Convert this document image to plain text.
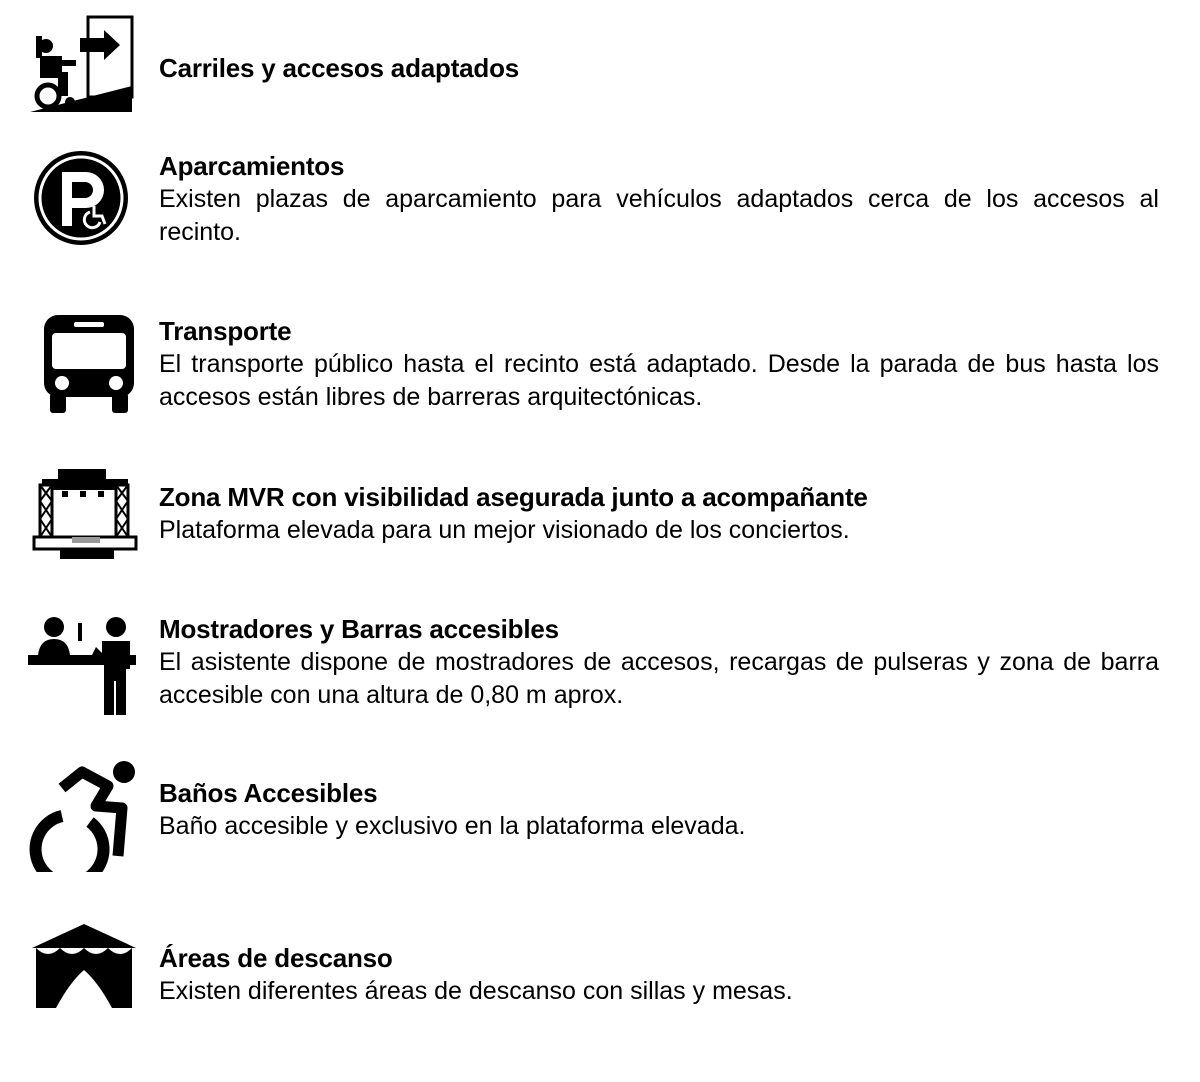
Carriles y accesos adaptados
Aparcamientos
Existen plazas de aparcamiento para vehículos adaptados cerca de los accesos al recinto.
Transporte
El transporte público hasta el recinto está adaptado. Desde la parada de bus hasta los accesos están libres de barreras arquitectónicas.
Zona MVR con visibilidad asegurada junto a acompañante
Plataforma elevada para un mejor visionado de los conciertos.
Mostradores y Barras accesibles
El asistente dispone de mostradores de accesos, recargas de pulseras y zona de barra accesible con una altura de 0,80 m aprox.
Baños Accesibles
Baño accesible y exclusivo en la plataforma elevada.
Áreas de descanso
Existen diferentes áreas de descanso con sillas y mesas.
